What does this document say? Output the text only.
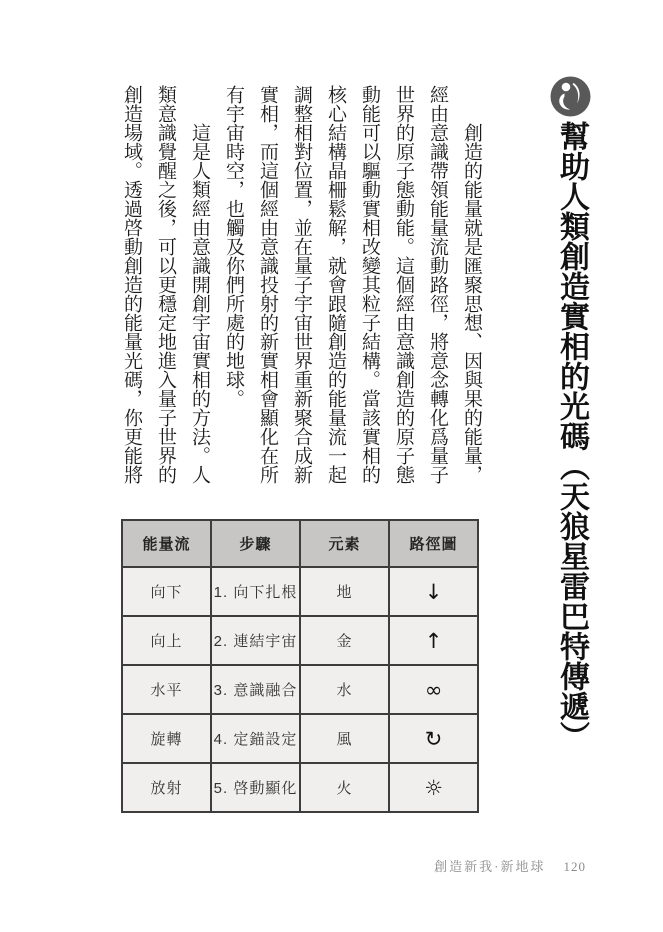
幫助人類創造實相的光碼（天狼星雷巴特傳遞）

創造的能量就是匯聚思想、因與果的能量，經由意識帶領能量流動路徑，將意念轉化爲量子世界的原子態動能。這個經由意識創造的原子態動能可以驅動實相改變其粒子結構。當該實相的核心結構晶柵鬆解，就會跟隨創造的能量流一起調整相對位置，並在量子宇宙世界重新聚合成新實相，而這個經由意識投射的新實相會顯化在所有宇宙時空，也觸及你們所處的地球。

這是人類經由意識開創宇宙實相的方法。人類意識覺醒之後，可以更穩定地進入量子世界的創造場域。透過啓動創造的能量光碼，你更能將

能量流	步驟	元素	路徑圖
向下	1. 向下扎根	地	↓
向上	2. 連結宇宙	金	↑
水平	3. 意識融合	水	∞
旋轉	4. 定錨設定	風	↻
放射	5. 啓動顯化	火	☼
創造新我·新地球 120
